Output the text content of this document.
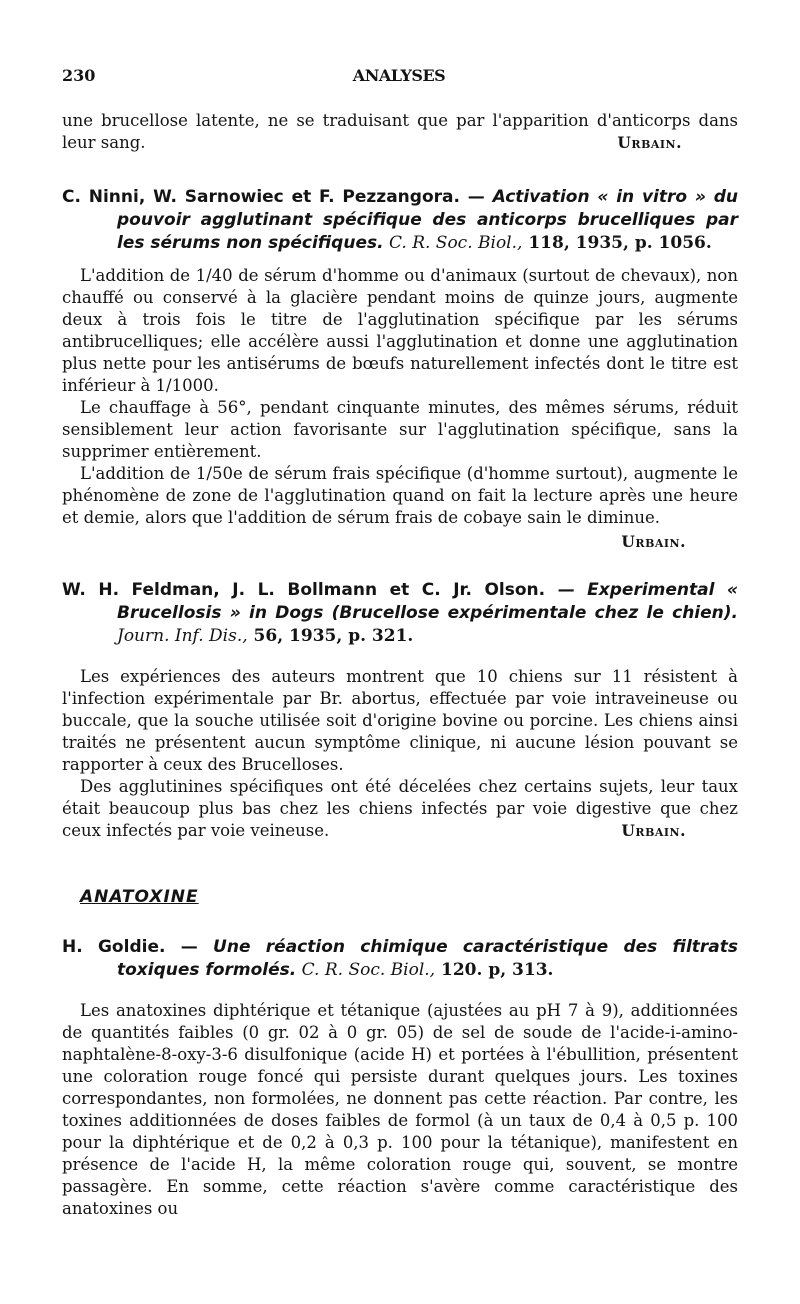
230	ANALYSES

une brucellose latente, ne se traduisant que par l'apparition d'anticorps dans leur sang.	Urbain.

C. Ninni, W. Sarnowiec et F. Pezzangora. — Activation « in vitro » du pouvoir agglutinant spécifique des anticorps brucelliques par les sérums non spécifiques. C. R. Soc. Biol., 118, 1935, p. 1056.

L'addition de 1/40 de sérum d'homme ou d'animaux (surtout de chevaux), non chauffé ou conservé à la glacière pendant moins de quinze jours, augmente deux à trois fois le titre de l'agglutination spécifique par les sérums antibrucelliques; elle accélère aussi l'agglutination et donne une agglutination plus nette pour les antisérums de bœufs naturellement infectés dont le titre est inférieur à 1/1000.

Le chauffage à 56°, pendant cinquante minutes, des mêmes sérums, réduit sensiblement leur action favorisante sur l'agglutination spécifique, sans la supprimer entièrement.

L'addition de 1/50e de sérum frais spécifique (d'homme surtout), augmente le phénomène de zone de l'agglutination quand on fait la lecture après une heure et demie, alors que l'addition de sérum frais de cobaye sain le diminue.

Urbain.

W. H. Feldman, J. L. Bollmann et C. Jr. Olson. — Experimental « Brucellosis » in Dogs (Brucellose expérimentale chez le chien). Journ. Inf. Dis., 56, 1935, p. 321.

Les expériences des auteurs montrent que 10 chiens sur 11 résistent à l'infection expérimentale par Br. abortus, effectuée par voie intraveineuse ou buccale, que la souche utilisée soit d'origine bovine ou porcine. Les chiens ainsi traités ne présentent aucun symptôme clinique, ni aucune lésion pouvant se rapporter à ceux des Brucelloses.

Des agglutinines spécifiques ont été décelées chez certains sujets, leur taux était beaucoup plus bas chez les chiens infectés par voie digestive que chez ceux infectés par voie veineuse.	Urbain.

ANATOXINE

H. Goldie. — Une réaction chimique caractéristique des filtrats toxiques formolés. C. R. Soc. Biol., 120. p, 313.

Les anatoxines diphtérique et tétanique (ajustées au pH 7 à 9), additionnées de quantités faibles (0 gr. 02 à 0 gr. 05) de sel de soude de l'acide-i-amino-naphtalène-8-oxy-3-6 disulfonique (acide H) et portées à l'ébullition, présentent une coloration rouge foncé qui persiste durant quelques jours. Les toxines correspondantes, non formolées, ne donnent pas cette réaction. Par contre, les toxines additionnées de doses faibles de formol (à un taux de 0,4 à 0,5 p. 100 pour la diphtérique et de 0,2 à 0,3 p. 100 pour la tétanique), manifestent en présence de l'acide H, la même coloration rouge qui, souvent, se montre passagère. En somme, cette réaction s'avère comme caractéristique des anatoxines ou
